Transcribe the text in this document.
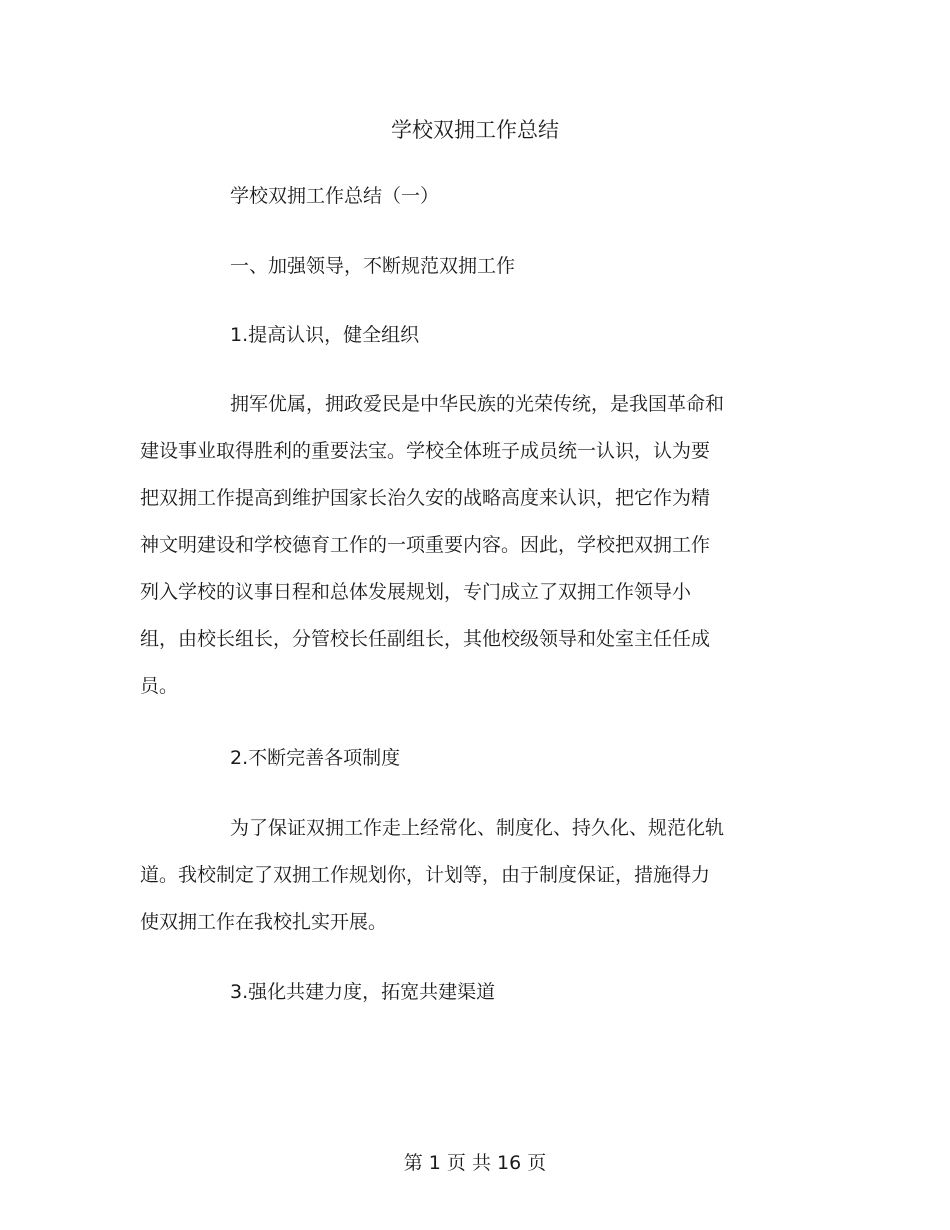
学校双拥工作总结
学校双拥工作总结（一）
一、加强领导，不断规范双拥工作
1.提高认识，健全组织
拥军优属，拥政爱民是中华民族的光荣传统，是我国革命和
建设事业取得胜利的重要法宝。学校全体班子成员统一认识，认为要
把双拥工作提高到维护国家长治久安的战略高度来认识，把它作为精
神文明建设和学校德育工作的一项重要内容。因此，学校把双拥工作
列入学校的议事日程和总体发展规划，专门成立了双拥工作领导小
组，由校长组长，分管校长任副组长，其他校级领导和处室主任任成
员。
2.不断完善各项制度
为了保证双拥工作走上经常化、制度化、持久化、规范化轨
道。我校制定了双拥工作规划你，计划等，由于制度保证，措施得力
使双拥工作在我校扎实开展。
3.强化共建力度，拓宽共建渠道
第 1 页 共 16 页
